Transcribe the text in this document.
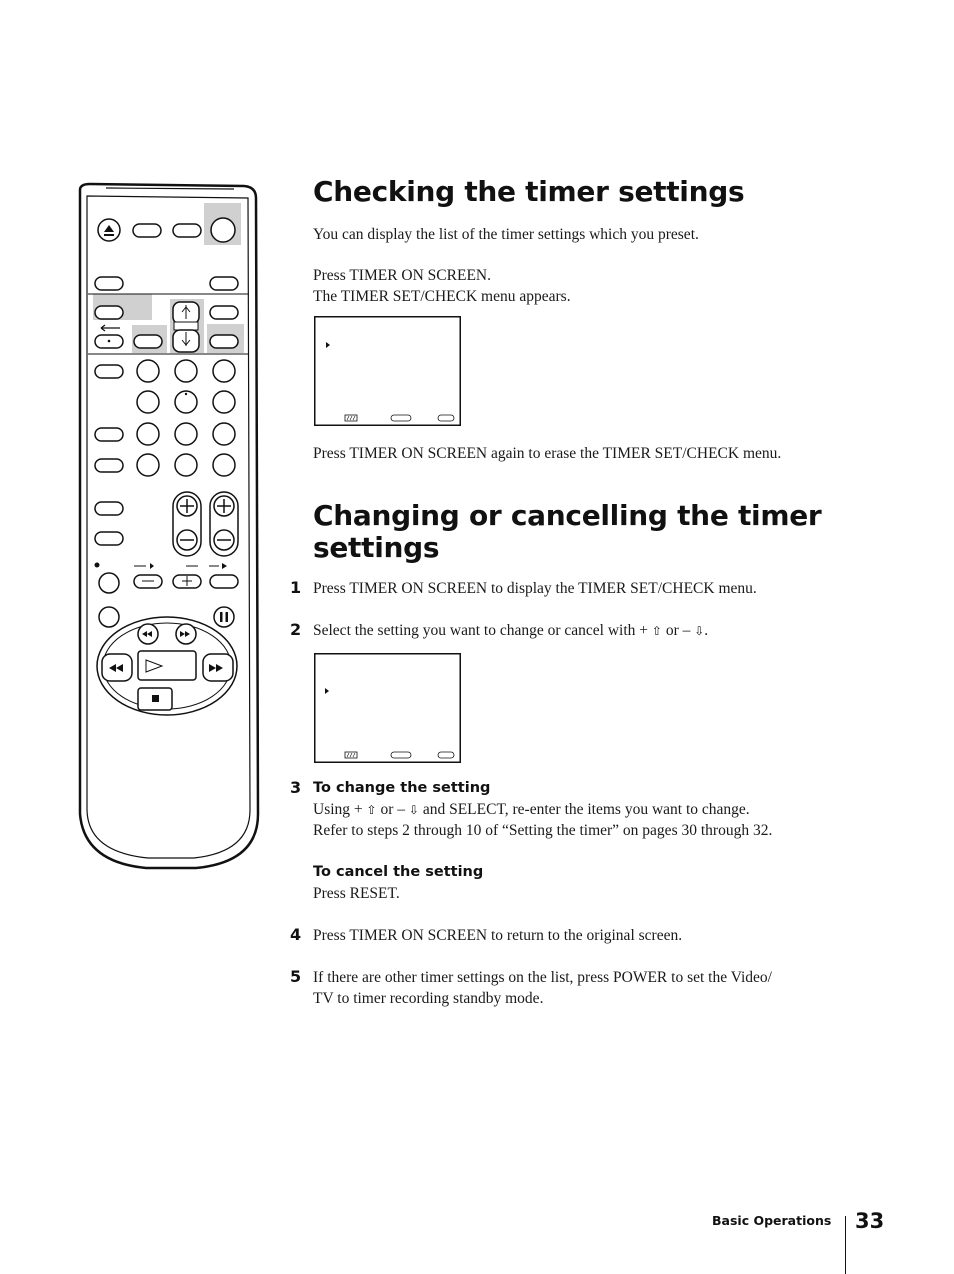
Checking the timer settings

You can display the list of the timer settings which you preset.

Press TIMER ON SCREEN.

The TIMER SET/CHECK menu appears.

Press TIMER ON SCREEN again to erase the TIMER SET/CHECK menu.

Changing or cancelling the timer
settings
1 Press TIMER ON SCREEN to display the TIMER SET/CHECK menu.

2 Select the setting you want to change or cancel with + ⇧ or – ⇩.

3 To change the setting

Using + ⇧ or – ⇩ and SELECT, re-enter the items you want to change.

Refer to steps 2 through 10 of “Setting the timer” on pages 30 through 32.

To cancel the setting

Press RESET.

4 Press TIMER ON SCREEN to return to the original screen.

5 If there are other timer settings on the list, press POWER to set the Video/

TV to timer recording standby mode.

Basic Operations 33
